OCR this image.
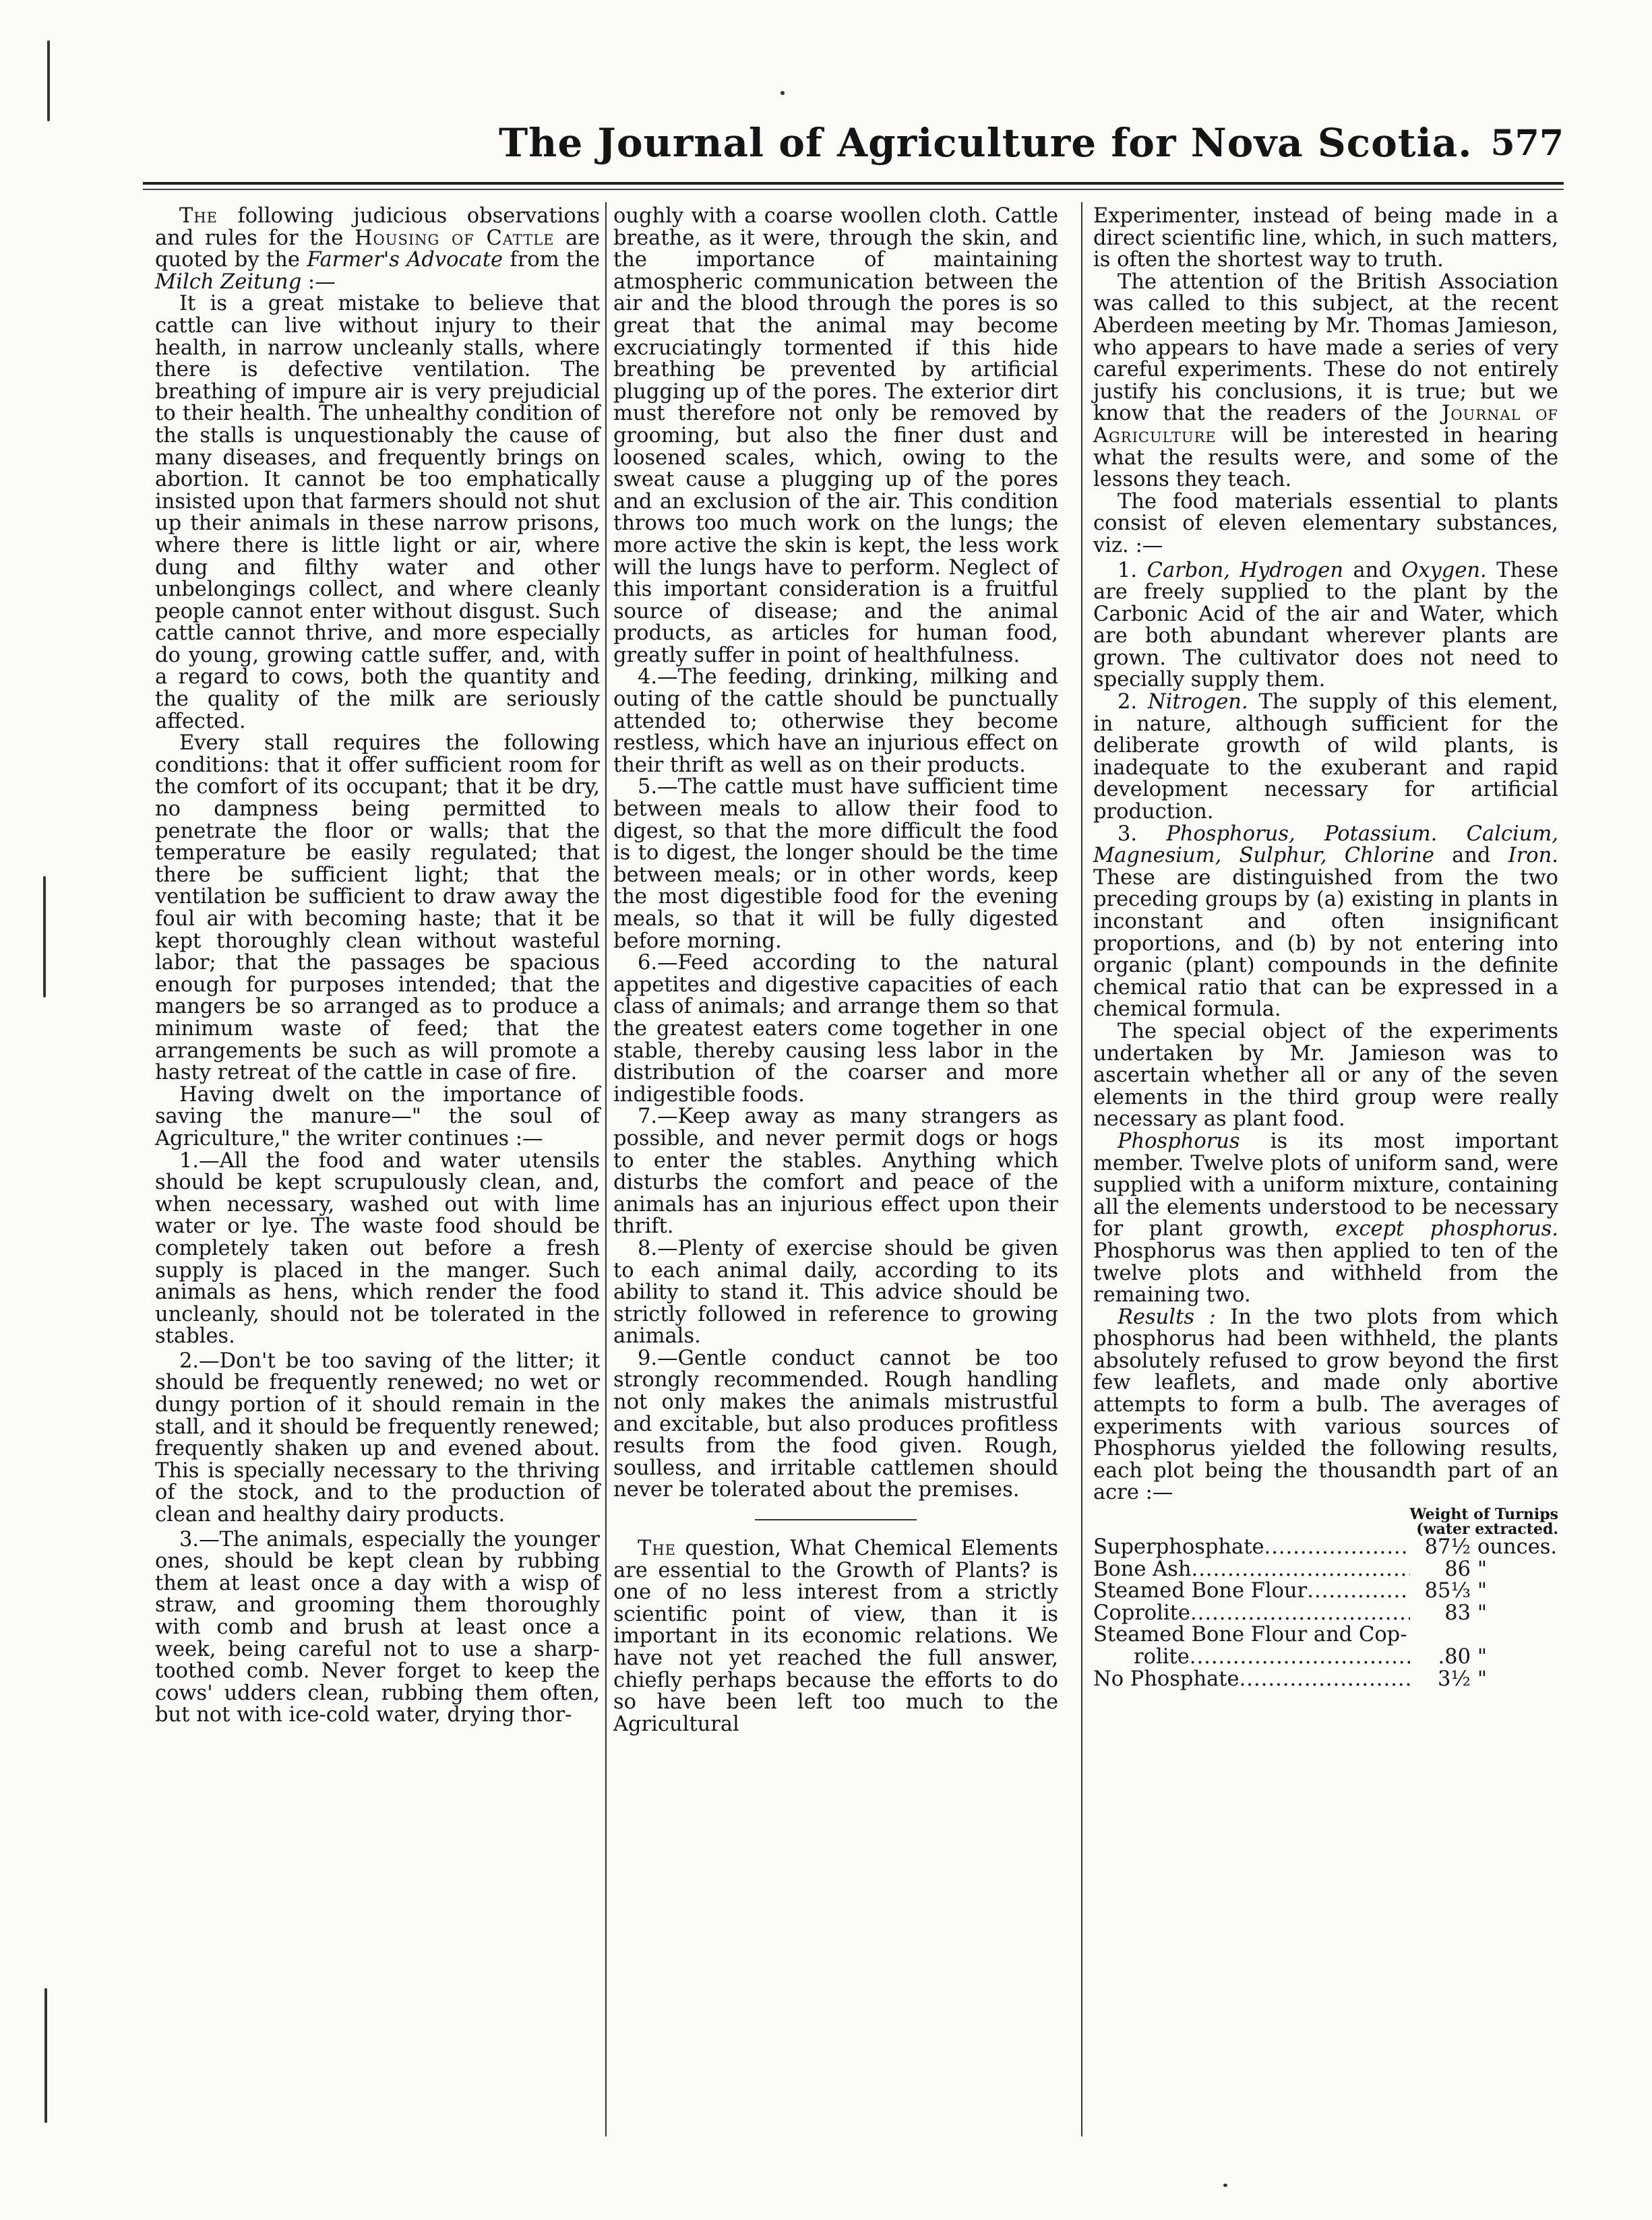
The Journal of Agriculture for Nova Scotia. 577

The following judicious observations and rules for the Housing of Cattle are quoted by the Farmer's Advocate from the Milch Zeitung :—

It is a great mistake to believe that cattle can live without injury to their health, in narrow uncleanly stalls, where there is defective ventilation. The breathing of impure air is very prejudicial to their health. The unhealthy condition of the stalls is unquestionably the cause of many diseases, and frequently brings on abortion. It cannot be too emphatically insisted upon that farmers should not shut up their animals in these narrow prisons, where there is little light or air, where dung and filthy water and other unbelongings collect, and where cleanly people cannot enter without disgust. Such cattle cannot thrive, and more especially do young, growing cattle suffer, and, with a regard to cows, both the quantity and the quality of the milk are seriously affected.

Every stall requires the following conditions: that it offer sufficient room for the comfort of its occupant; that it be dry, no dampness being permitted to penetrate the floor or walls; that the temperature be easily regulated; that there be sufficient light; that the ventilation be sufficient to draw away the foul air with becoming haste; that it be kept thoroughly clean without wasteful labor; that the passages be spacious enough for purposes intended; that the mangers be so arranged as to produce a minimum waste of feed; that the arrangements be such as will promote a hasty retreat of the cattle in case of fire.

Having dwelt on the importance of saving the manure—" the soul of Agriculture," the writer continues :—

1.—All the food and water utensils should be kept scrupulously clean, and, when necessary, washed out with lime water or lye. The waste food should be completely taken out before a fresh supply is placed in the manger. Such animals as hens, which render the food uncleanly, should not be tolerated in the stables.

2.—Don't be too saving of the litter; it should be frequently renewed; no wet or dungy portion of it should remain in the stall, and it should be frequently renewed; frequently shaken up and evened about. This is specially necessary to the thriving of the stock, and to the production of clean and healthy dairy products.

3.—The animals, especially the younger ones, should be kept clean by rubbing them at least once a day with a wisp of straw, and grooming them thoroughly with comb and brush at least once a week, being careful not to use a sharp-toothed comb. Never forget to keep the cows' udders clean, rubbing them often, but not with ice-cold water, drying thor-

oughly with a coarse woollen cloth. Cattle breathe, as it were, through the skin, and the importance of maintaining atmospheric communication between the air and the blood through the pores is so great that the animal may become excruciatingly tormented if this hide breathing be prevented by artificial plugging up of the pores. The exterior dirt must therefore not only be removed by grooming, but also the finer dust and loosened scales, which, owing to the sweat cause a plugging up of the pores and an exclusion of the air. This condition throws too much work on the lungs; the more active the skin is kept, the less work will the lungs have to perform. Neglect of this important consideration is a fruitful source of disease; and the animal products, as articles for human food, greatly suffer in point of healthfulness.

4.—The feeding, drinking, milking and outing of the cattle should be punctually attended to; otherwise they become restless, which have an injurious effect on their thrift as well as on their products.

5.—The cattle must have sufficient time between meals to allow their food to digest, so that the more difficult the food is to digest, the longer should be the time between meals; or in other words, keep the most digestible food for the evening meals, so that it will be fully digested before morning.

6.—Feed according to the natural appetites and digestive capacities of each class of animals; and arrange them so that the greatest eaters come together in one stable, thereby causing less labor in the distribution of the coarser and more indigestible foods.

7.—Keep away as many strangers as possible, and never permit dogs or hogs to enter the stables. Anything which disturbs the comfort and peace of the animals has an injurious effect upon their thrift.

8.—Plenty of exercise should be given to each animal daily, according to its ability to stand it. This advice should be strictly followed in reference to growing animals.

9.—Gentle conduct cannot be too strongly recommended. Rough handling not only makes the animals mistrustful and excitable, but also produces profitless results from the food given. Rough, soulless, and irritable cattlemen should never be tolerated about the premises.

The question, What Chemical Elements are essential to the Growth of Plants? is one of no less interest from a strictly scientific point of view, than it is important in its economic relations. We have not yet reached the full answer, chiefly perhaps because the efforts to do so have been left too much to the Agricultural

Experimenter, instead of being made in a direct scientific line, which, in such matters, is often the shortest way to truth.

The attention of the British Association was called to this subject, at the recent Aberdeen meeting by Mr. Thomas Jamieson, who appears to have made a series of very careful experiments. These do not entirely justify his conclusions, it is true; but we know that the readers of the Journal of Agriculture will be interested in hearing what the results were, and some of the lessons they teach.

The food materials essential to plants consist of eleven elementary substances, viz. :—

1. Carbon, Hydrogen and Oxygen. These are freely supplied to the plant by the Carbonic Acid of the air and Water, which are both abundant wherever plants are grown. The cultivator does not need to specially supply them.

2. Nitrogen. The supply of this element, in nature, although sufficient for the deliberate growth of wild plants, is inadequate to the exuberant and rapid development necessary for artificial production.

3. Phosphorus, Potassium. Calcium, Magnesium, Sulphur, Chlorine and Iron. These are distinguished from the two preceding groups by (a) existing in plants in inconstant and often insignificant proportions, and (b) by not entering into organic (plant) compounds in the definite chemical ratio that can be expressed in a chemical formula.

The special object of the experiments undertaken by Mr. Jamieson was to ascertain whether all or any of the seven elements in the third group were really necessary as plant food.

Phosphorus is its most important member. Twelve plots of uniform sand, were supplied with a uniform mixture, containing all the elements understood to be necessary for plant growth, except phosphorus. Phosphorus was then applied to ten of the twelve plots and withheld from the remaining two.

Results : In the two plots from which phosphorus had been withheld, the plants absolutely refused to grow beyond the first few leaflets, and made only abortive attempts to form a bulb. The averages of experiments with various sources of Phosphorus yielded the following results, each plot being the thousandth part of an acre :—

Weight of Turnips
(water extracted.
Superphosphate .....	87½ ounces.
Bone Ash .....	86 "
Steamed Bone Flour .....	85⅓ "
Coprolite .....	83 "
Steamed Bone Flour and Cop-
rolite .....	.80 "
No Phosphate .....	3½ "
